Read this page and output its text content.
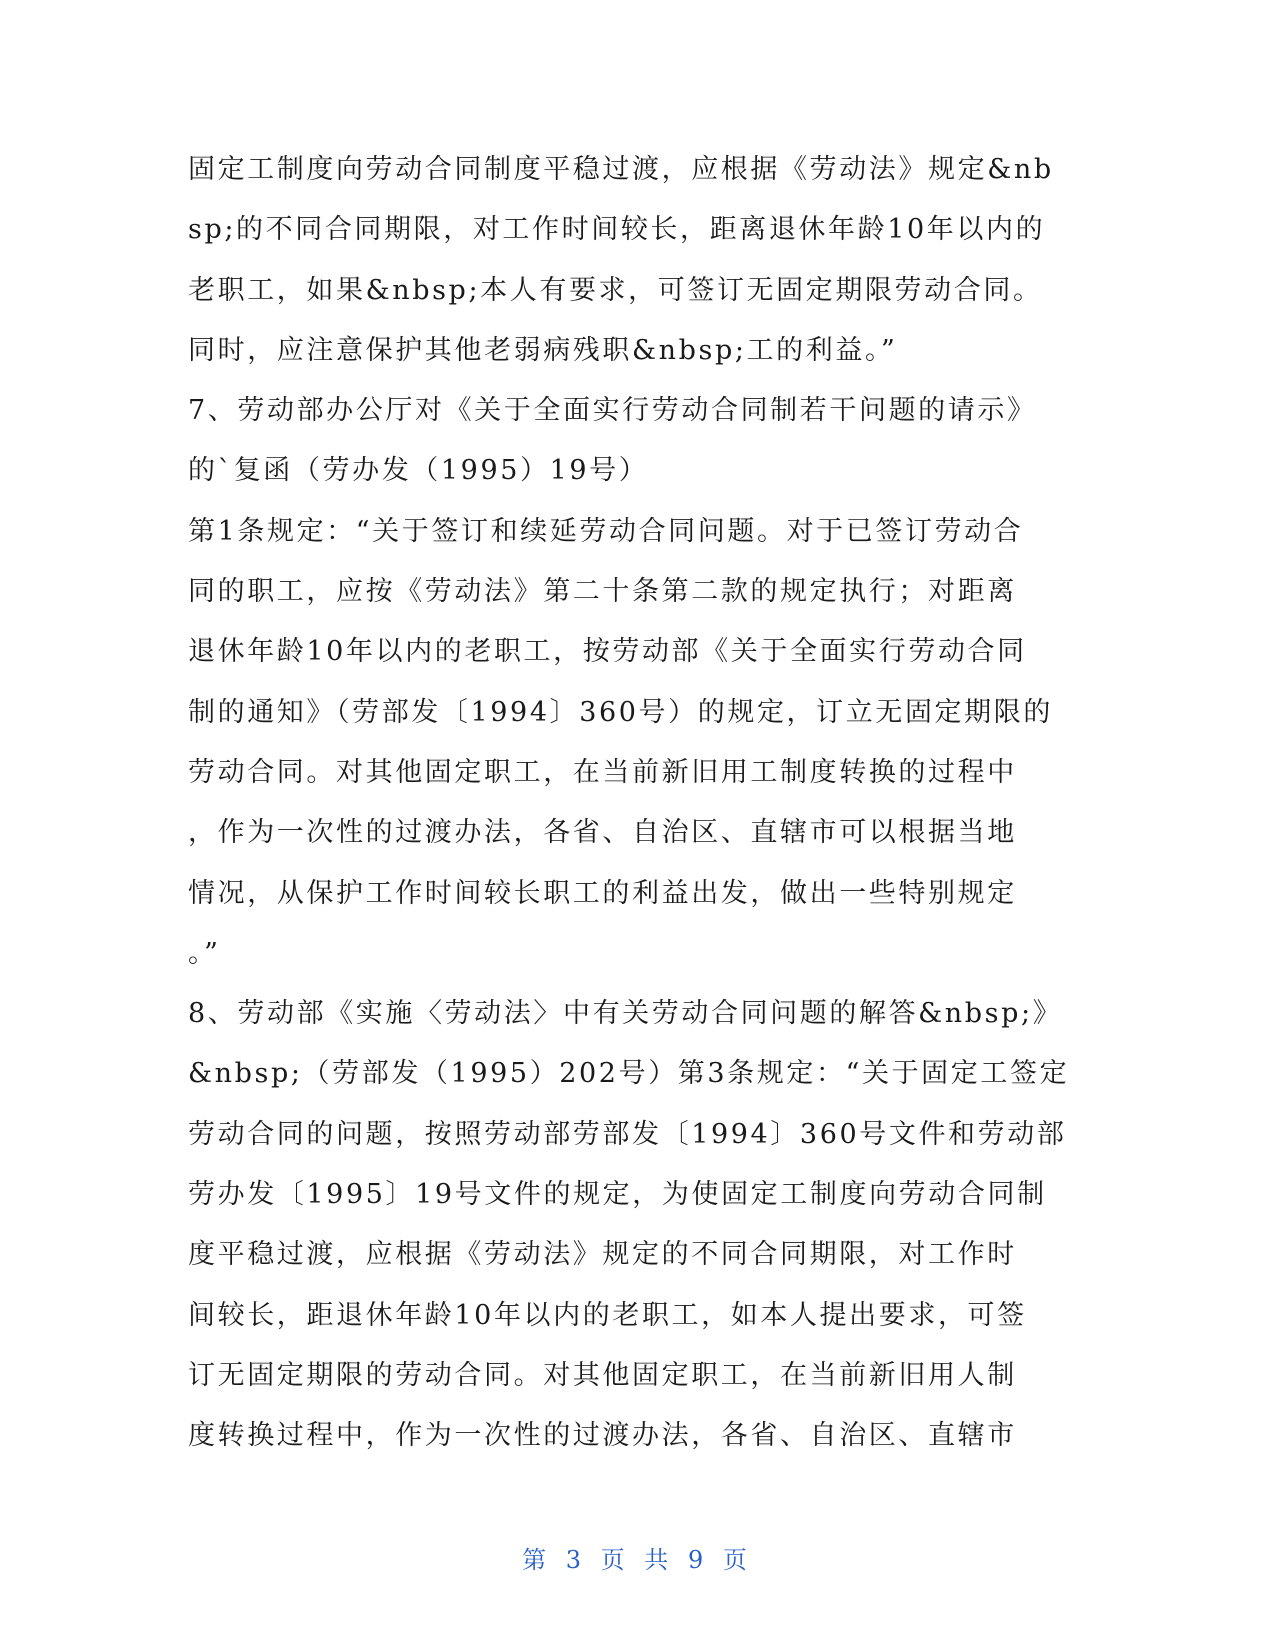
固定工制度向劳动合同制度平稳过渡，应根据《劳动法》规定&nb
sp;的不同合同期限，对工作时间较长，距离退休年龄10年以内的
老职工，如果&nbsp;本人有要求，可签订无固定期限劳动合同。
同时，应注意保护其他老弱病残职&nbsp;工的利益。”
7、劳动部办公厅对《关于全面实行劳动合同制若干问题的请示》
的`复函（劳办发（1995）19号）
第1条规定：“关于签订和续延劳动合同问题。对于已签订劳动合
同的职工，应按《劳动法》第二十条第二款的规定执行；对距离
退休年龄10年以内的老职工，按劳动部《关于全面实行劳动合同
制的通知》（劳部发〔1994〕360号）的规定，订立无固定期限的
劳动合同。对其他固定职工，在当前新旧用工制度转换的过程中
，作为一次性的过渡办法，各省、自治区、直辖市可以根据当地
情况，从保护工作时间较长职工的利益出发，做出一些特别规定
。”
8、劳动部《实施〈劳动法〉中有关劳动合同问题的解答&nbsp;》
&nbsp;（劳部发（1995）202号）第3条规定：“关于固定工签定
劳动合同的问题，按照劳动部劳部发〔1994〕360号文件和劳动部
劳办发〔1995〕19号文件的规定，为使固定工制度向劳动合同制
度平稳过渡，应根据《劳动法》规定的不同合同期限，对工作时
间较长，距退休年龄10年以内的老职工，如本人提出要求，可签
订无固定期限的劳动合同。对其他固定职工，在当前新旧用人制
度转换过程中，作为一次性的过渡办法，各省、自治区、直辖市
第 3 页 共 9 页
